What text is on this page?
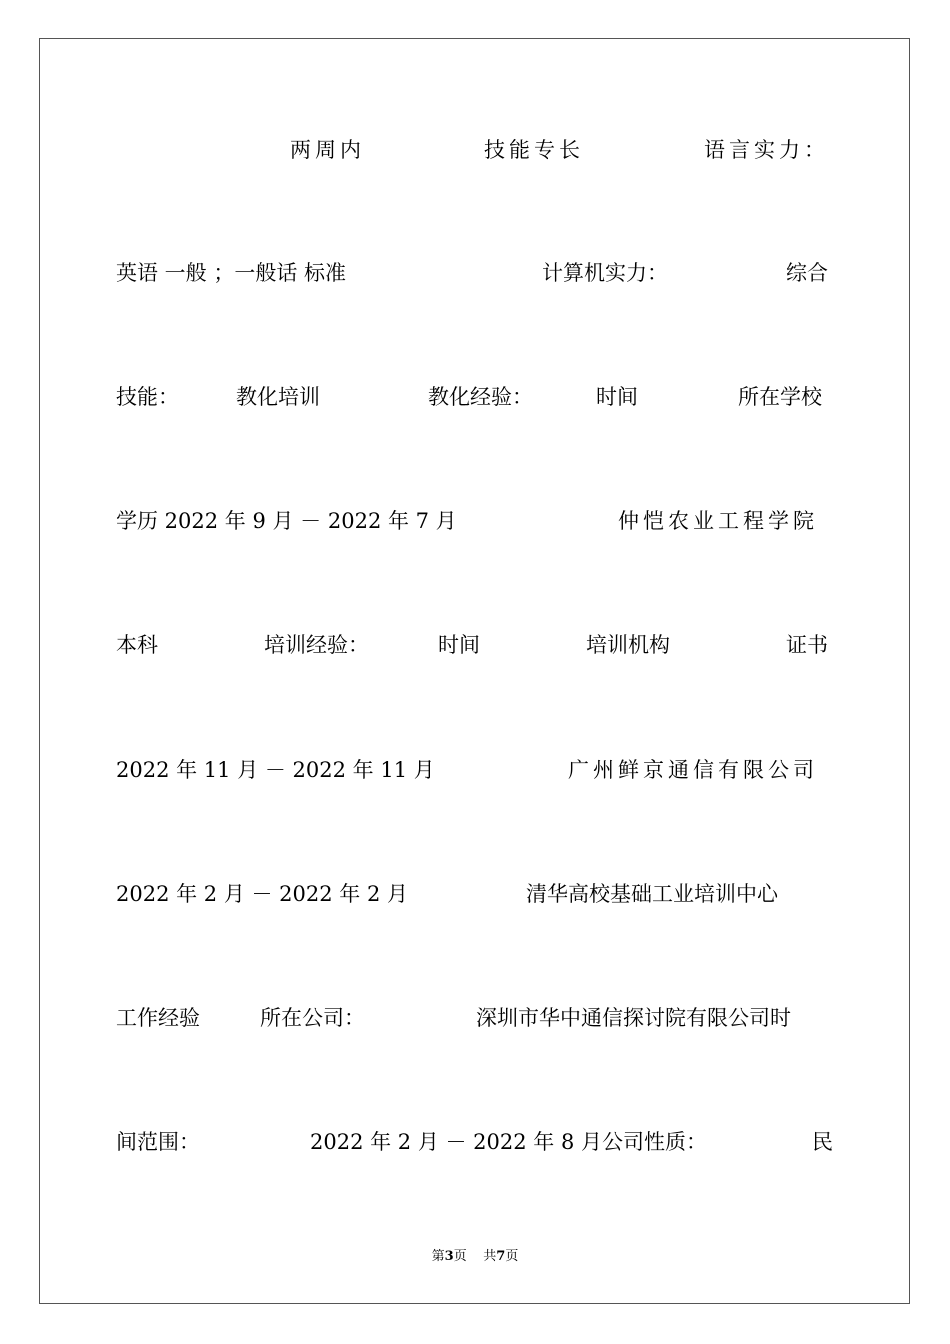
两周内	技能专长	语言实力：
英语 一般 ；一般话 标准	计算机实力：	综合
技能：	教化培训	教化经验：	时间	所在学校
学历 2022 年 9 月 － 2022 年 7 月	仲恺农业工程学院
本科	培训经验：	时间	培训机构	证书
2022 年 11 月 － 2022 年 11 月	广州鲜京通信有限公司
2022 年 2 月 － 2022 年 2 月	清华高校基础工业培训中心
工作经验	所在公司：	深圳市华中通信探讨院有限公司时
间范围：	2022 年 2 月 － 2022 年 8 月公司性质：	民
第3页 共7页
